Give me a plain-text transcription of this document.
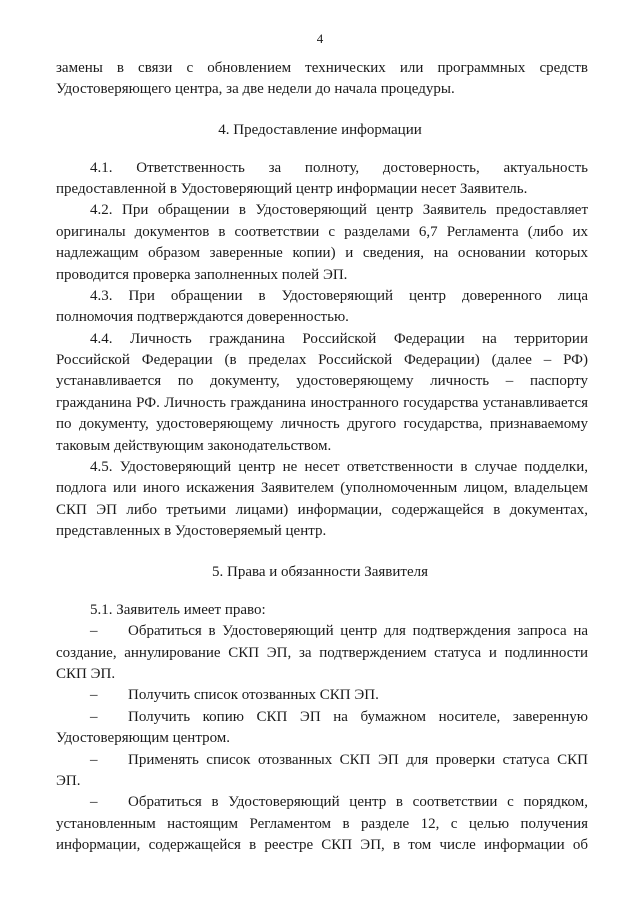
4
замены в связи с обновлением технических или программных средств
Удостоверяющего центра, за две недели до начала процедуры.
4. Предоставление информации
4.1. Ответственность за полноту, достоверность, актуальность
предоставленной в Удостоверяющий центр информации несет Заявитель.
4.2. При обращении в Удостоверяющий центр Заявитель предоставляет
оригиналы документов в соответствии с разделами 6,7 Регламента (либо их
надлежащим образом заверенные копии) и сведения, на основании которых
проводится проверка заполненных полей ЭП.
4.3. При обращении в Удостоверяющий центр доверенного лица
полномочия подтверждаются доверенностью.
4.4. Личность гражданина Российской Федерации на территории
Российской Федерации (в пределах Российской Федерации) (далее – РФ)
устанавливается по документу, удостоверяющему личность – паспорту
гражданина РФ. Личность гражданина иностранного государства устанавливается
по документу, удостоверяющему личность другого государства, признаваемому
таковым действующим законодательством.
4.5. Удостоверяющий центр не несет ответственности в случае подделки,
подлога или иного искажения Заявителем (уполномоченным лицом, владельцем
СКП ЭП либо третьими лицами) информации, содержащейся в документах,
представленных в Удостоверяемый центр.
5. Права и обязанности Заявителя
5.1. Заявитель имеет право:
– Обратиться в Удостоверяющий центр для подтверждения запроса на
создание, аннулирование СКП ЭП, за подтверждением статуса и подлинности
СКП ЭП.
– Получить список отозванных СКП ЭП.
– Получить копию СКП ЭП на бумажном носителе, заверенную
Удостоверяющим центром.
– Применять список отозванных СКП ЭП для проверки статуса СКП
ЭП.
– Обратиться в Удостоверяющий центр в соответствии с порядком,
установленным настоящим Регламентом в разделе 12, с целью получения
информации, содержащейся в реестре СКП ЭП, в том числе информации об
